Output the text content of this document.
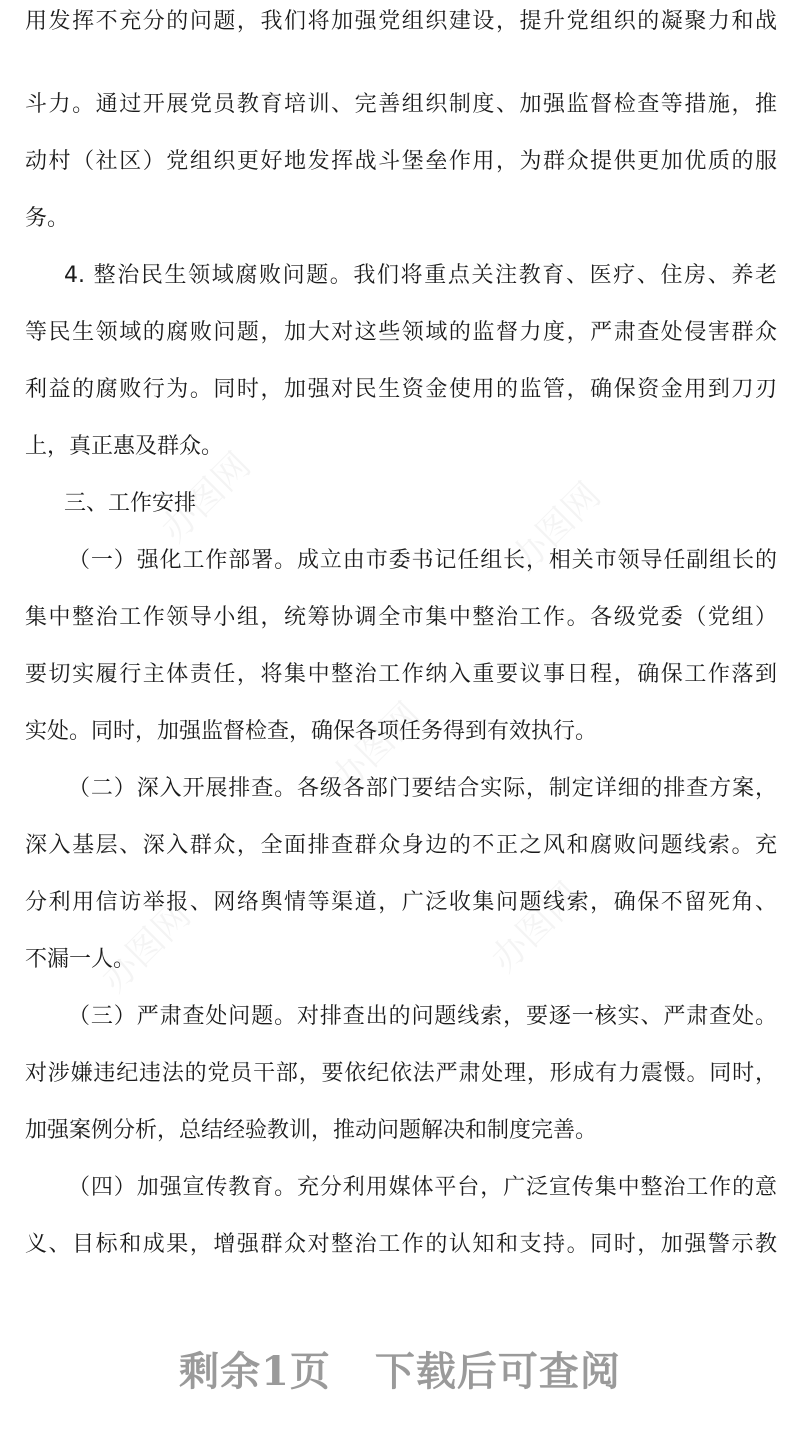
用发挥不充分的问题，我们将加强党组织建设，提升党组织的凝聚力和战
斗力。通过开展党员教育培训、完善组织制度、加强监督检查等措施，推
动村（社区）党组织更好地发挥战斗堡垒作用，为群众提供更加优质的服
务。
4. 整治民生领域腐败问题。我们将重点关注教育、医疗、住房、养老
等民生领域的腐败问题，加大对这些领域的监督力度，严肃查处侵害群众
利益的腐败行为。同时，加强对民生资金使用的监管，确保资金用到刀刃
上，真正惠及群众。
三、工作安排
（一）强化工作部署。成立由市委书记任组长，相关市领导任副组长的
集中整治工作领导小组，统筹协调全市集中整治工作。各级党委（党组）
要切实履行主体责任，将集中整治工作纳入重要议事日程，确保工作落到
实处。同时，加强监督检查，确保各项任务得到有效执行。
（二）深入开展排查。各级各部门要结合实际，制定详细的排查方案，
深入基层、深入群众，全面排查群众身边的不正之风和腐败问题线索。充
分利用信访举报、网络舆情等渠道，广泛收集问题线索，确保不留死角、
不漏一人。
（三）严肃查处问题。对排查出的问题线索，要逐一核实、严肃查处。
对涉嫌违纪违法的党员干部，要依纪依法严肃处理，形成有力震慑。同时，
加强案例分析，总结经验教训，推动问题解决和制度完善。
（四）加强宣传教育。充分利用媒体平台，广泛宣传集中整治工作的意
义、目标和成果，增强群众对整治工作的认知和支持。同时，加强警示教
剩余1页 下载后可查阅
